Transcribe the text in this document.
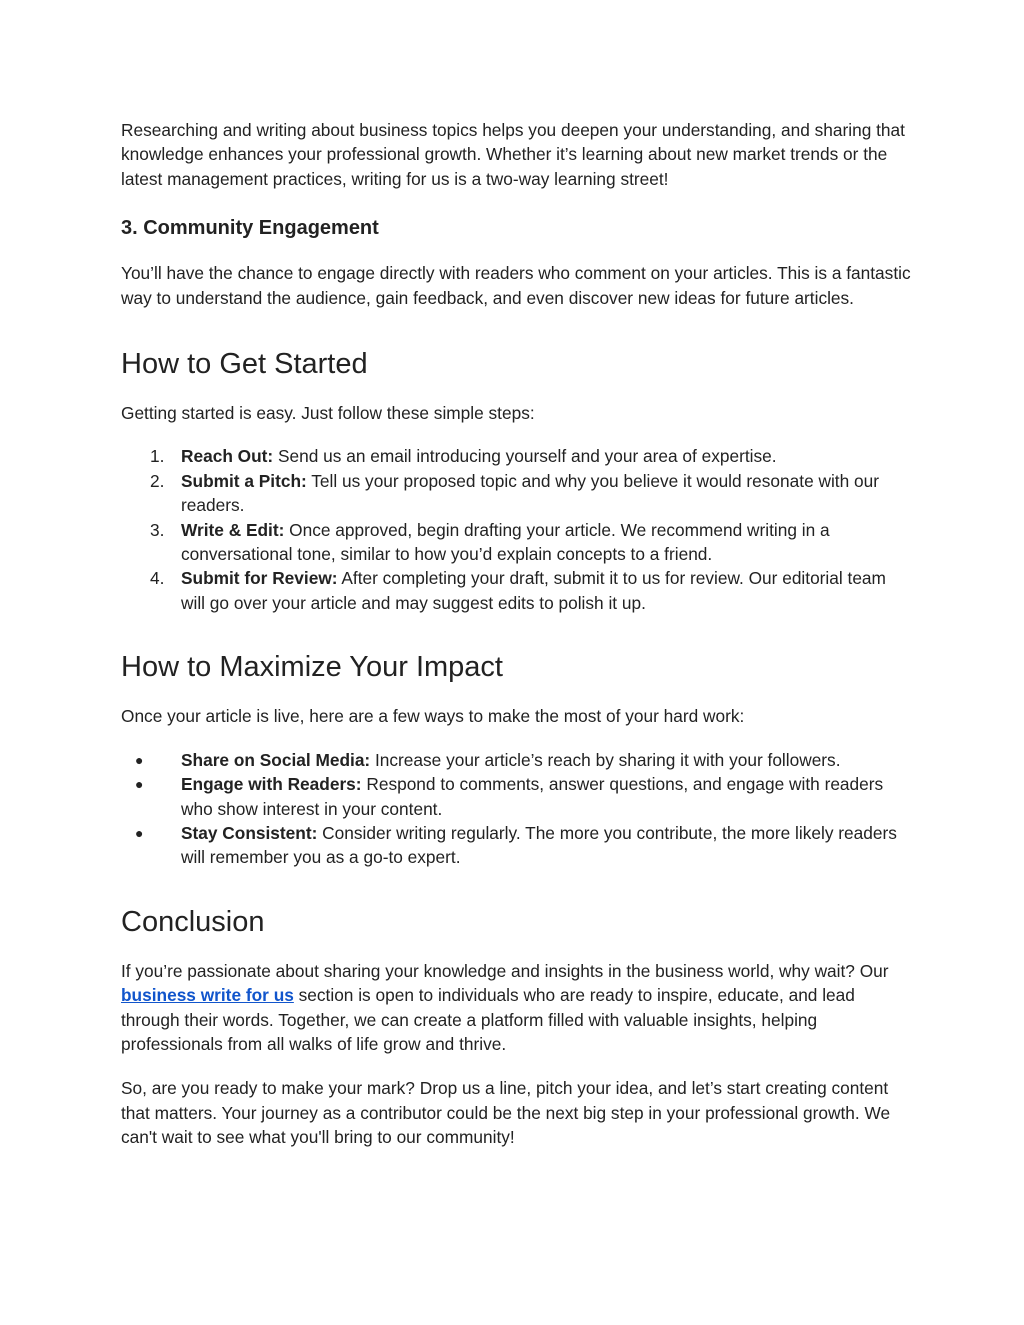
Researching and writing about business topics helps you deepen your understanding, and sharing that knowledge enhances your professional growth. Whether it’s learning about new market trends or the latest management practices, writing for us is a two-way learning street!

3. Community Engagement

You’ll have the chance to engage directly with readers who comment on your articles. This is a fantastic way to understand the audience, gain feedback, and even discover new ideas for future articles.

How to Get Started

Getting started is easy. Just follow these simple steps:

1. Reach Out: Send us an email introducing yourself and your area of expertise.
2. Submit a Pitch: Tell us your proposed topic and why you believe it would resonate with our readers.
3. Write & Edit: Once approved, begin drafting your article. We recommend writing in a conversational tone, similar to how you’d explain concepts to a friend.
4. Submit for Review: After completing your draft, submit it to us for review. Our editorial team will go over your article and may suggest edits to polish it up.
How to Maximize Your Impact

Once your article is live, here are a few ways to make the most of your hard work:

● Share on Social Media: Increase your article’s reach by sharing it with your followers.
● Engage with Readers: Respond to comments, answer questions, and engage with readers who show interest in your content.
● Stay Consistent: Consider writing regularly. The more you contribute, the more likely readers will remember you as a go-to expert.
Conclusion

If you’re passionate about sharing your knowledge and insights in the business world, why wait? Our business write for us section is open to individuals who are ready to inspire, educate, and lead through their words. Together, we can create a platform filled with valuable insights, helping professionals from all walks of life grow and thrive.

So, are you ready to make your mark? Drop us a line, pitch your idea, and let’s start creating content that matters. Your journey as a contributor could be the next big step in your professional growth. We can't wait to see what you'll bring to our community!
